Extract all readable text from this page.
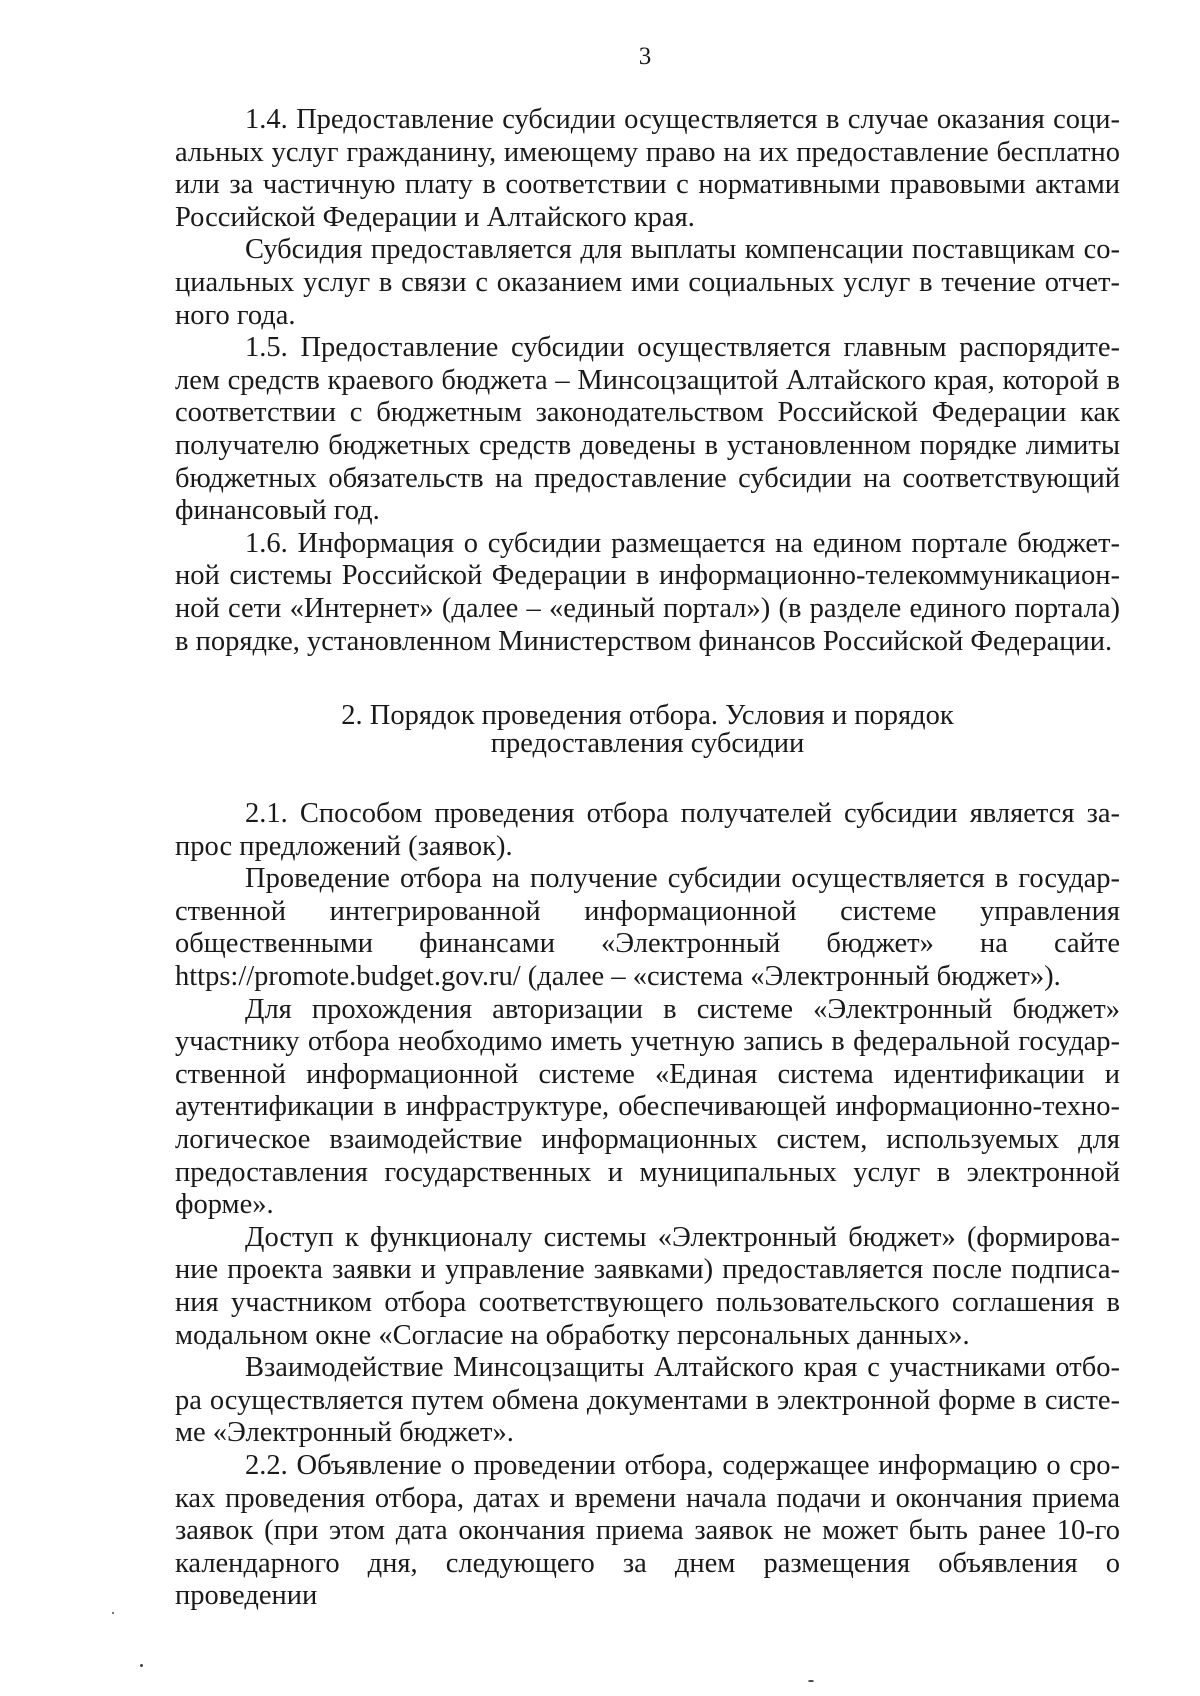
3

1.4. Предоставление субсидии осуществляется в случае оказания социальных услуг гражданину, имеющему право на их предоставление бесплатно или за частичную плату в соответствии с нормативными правовыми актами Российской Федерации и Алтайского края.

Субсидия предоставляется для выплаты компенсации поставщикам социальных услуг в связи с оказанием ими социальных услуг в течение отчетного года.

1.5. Предоставление субсидии осуществляется главным распорядителем средств краевого бюджета – Минсоцзащитой Алтайского края, которой в соответствии с бюджетным законодательством Российской Федерации как получателю бюджетных средств доведены в установленном порядке лимиты бюджетных обязательств на предоставление субсидии на соответствующий финансовый год.

1.6. Информация о субсидии размещается на едином портале бюджетной системы Российской Федерации в информационно-телекоммуникационной сети «Интернет» (далее – «единый портал») (в разделе единого портала) в порядке, установленном Министерством финансов Российской Федерации.

2. Порядок проведения отбора. Условия и порядок
предоставления субсидии

2.1. Способом проведения отбора получателей субсидии является запрос предложений (заявок).

Проведение отбора на получение субсидии осуществляется в государственной интегрированной информационной системе управления общественными финансами «Электронный бюджет» на сайте https://promote.budget.gov.ru/ (далее – «система «Электронный бюджет»).

Для прохождения авторизации в системе «Электронный бюджет» участнику отбора необходимо иметь учетную запись в федеральной государственной информационной системе «Единая система идентификации и аутентификации в инфраструктуре, обеспечивающей информационно-технологическое взаимодействие информационных систем, используемых для предоставления государственных и муниципальных услуг в электронной форме».

Доступ к функционалу системы «Электронный бюджет» (формирование проекта заявки и управление заявками) предоставляется после подписания участником отбора соответствующего пользовательского соглашения в модальном окне «Согласие на обработку персональных данных».

Взаимодействие Минсоцзащиты Алтайского края с участниками отбора осуществляется путем обмена документами в электронной форме в системе «Электронный бюджет».

2.2. Объявление о проведении отбора, содержащее информацию о сроках проведения отбора, датах и времени начала подачи и окончания приема заявок (при этом дата окончания приема заявок не может быть ранее 10-го календарного дня, следующего за днем размещения объявления о проведении
